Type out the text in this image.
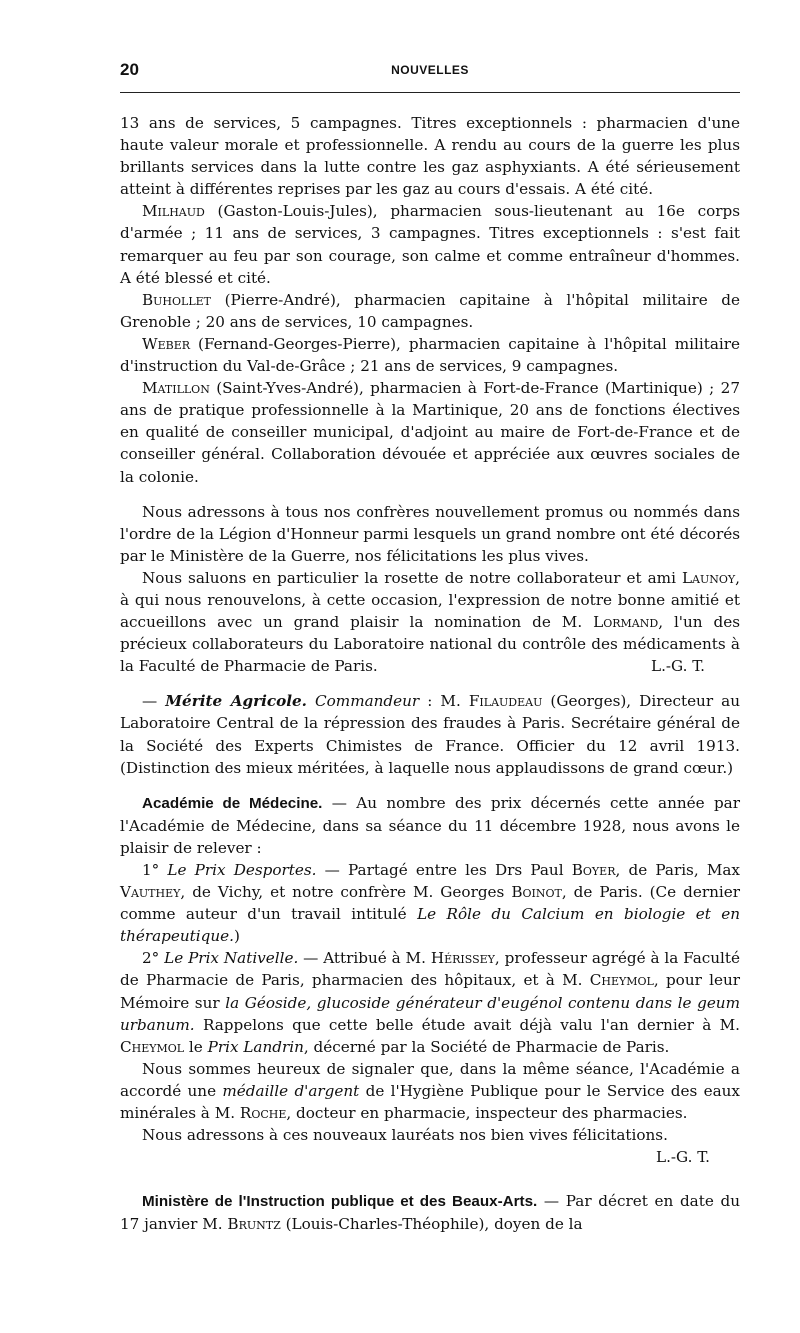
20	NOUVELLES

13 ans de services, 5 campagnes. Titres exceptionnels : pharmacien d'une haute valeur morale et professionnelle. A rendu au cours de la guerre les plus brillants services dans la lutte contre les gaz asphyxiants. A été sérieusement atteint à différentes reprises par les gaz au cours d'essais. A été cité.

Milhaud (Gaston-Louis-Jules), pharmacien sous-lieutenant au 16e corps d'armée ; 11 ans de services, 3 campagnes. Titres exceptionnels : s'est fait remarquer au feu par son courage, son calme et comme entraîneur d'hommes. A été blessé et cité.

Buhollet (Pierre-André), pharmacien capitaine à l'hôpital militaire de Grenoble ; 20 ans de services, 10 campagnes.

Weber (Fernand-Georges-Pierre), pharmacien capitaine à l'hôpital militaire d'instruction du Val-de-Grâce ; 21 ans de services, 9 campagnes.

Matillon (Saint-Yves-André), pharmacien à Fort-de-France (Martinique) ; 27 ans de pratique professionnelle à la Martinique, 20 ans de fonctions électives en qualité de conseiller municipal, d'adjoint au maire de Fort-de-France et de conseiller général. Collaboration dévouée et appréciée aux œuvres sociales de la colonie.

Nous adressons à tous nos confrères nouvellement promus ou nommés dans l'ordre de la Légion d'Honneur parmi lesquels un grand nombre ont été décorés par le Ministère de la Guerre, nos félicitations les plus vives.

Nous saluons en particulier la rosette de notre collaborateur et ami Launoy, à qui nous renouvelons, à cette occasion, l'expression de notre bonne amitié et accueillons avec un grand plaisir la nomination de M. Lormand, l'un des précieux collaborateurs du Laboratoire national du contrôle des médicaments à la Faculté de Pharmacie de Paris.	L.-G. T.

— Mérite Agricole. Commandeur : M. Filaudeau (Georges), Directeur au Laboratoire Central de la répression des fraudes à Paris. Secrétaire général de la Société des Experts Chimistes de France. Officier du 12 avril 1913. (Distinction des mieux méritées, à laquelle nous applaudissons de grand cœur.)

Académie de Médecine. — Au nombre des prix décernés cette année par l'Académie de Médecine, dans sa séance du 11 décembre 1928, nous avons le plaisir de relever :

1° Le Prix Desportes. — Partagé entre les Drs Paul Boyer, de Paris, Max Vauthey, de Vichy, et notre confrère M. Georges Boinot, de Paris. (Ce dernier comme auteur d'un travail intitulé Le Rôle du Calcium en biologie et en thérapeutique.)

2° Le Prix Nativelle. — Attribué à M. Hérissey, professeur agrégé à la Faculté de Pharmacie de Paris, pharmacien des hôpitaux, et à M. Cheymol, pour leur Mémoire sur la Géoside, glucoside générateur d'eugénol contenu dans le geum urbanum. Rappelons que cette belle étude avait déjà valu l'an dernier à M. Cheymol le Prix Landrin, décerné par la Société de Pharmacie de Paris.

Nous sommes heureux de signaler que, dans la même séance, l'Académie a accordé une médaille d'argent de l'Hygiène Publique pour le Service des eaux minérales à M. Roche, docteur en pharmacie, inspecteur des pharmacies.

Nous adressons à ces nouveaux lauréats nos bien vives félicitations.

L.-G. T.

Ministère de l'Instruction publique et des Beaux-Arts. — Par décret en date du 17 janvier M. Bruntz (Louis-Charles-Théophile), doyen de la
